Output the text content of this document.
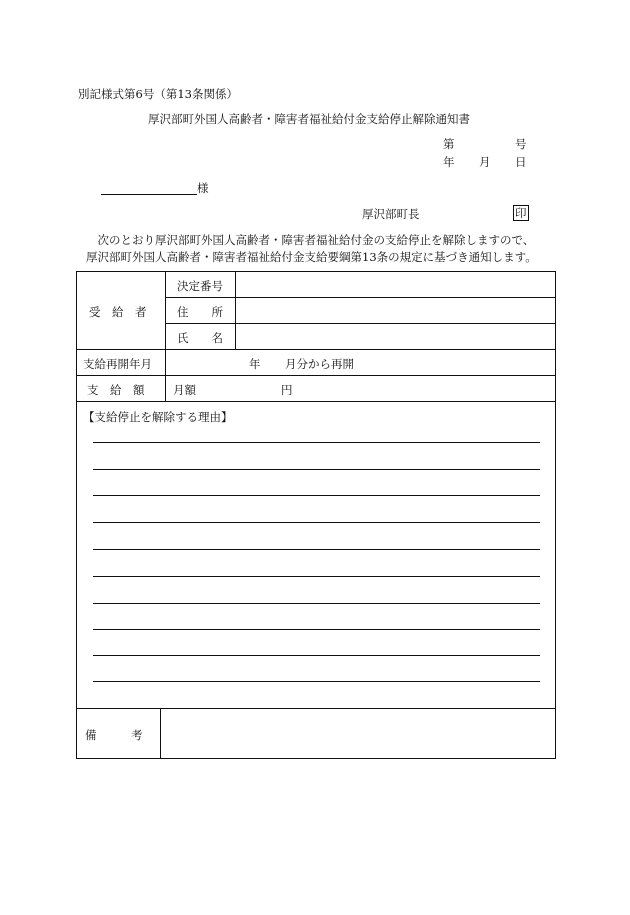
別記様式第6号（第13条関係）
厚沢部町外国人高齢者・障害者福祉給付金支給停止解除通知書
第	号
年 月 日
様
厚沢部町長	印
　次のとおり厚沢部町外国人高齢者・障害者福祉給付金の支給停止を解除しますので、
厚沢部町外国人高齢者・障害者福祉給付金支給要綱第13条の規定に基づき通知します。
受　給　者
決定番号
住　　所
氏　　名
支給再開年月	年 月分から再開
支　給　額 月額	円
【支給停止を解除する理由】
備　　　考
